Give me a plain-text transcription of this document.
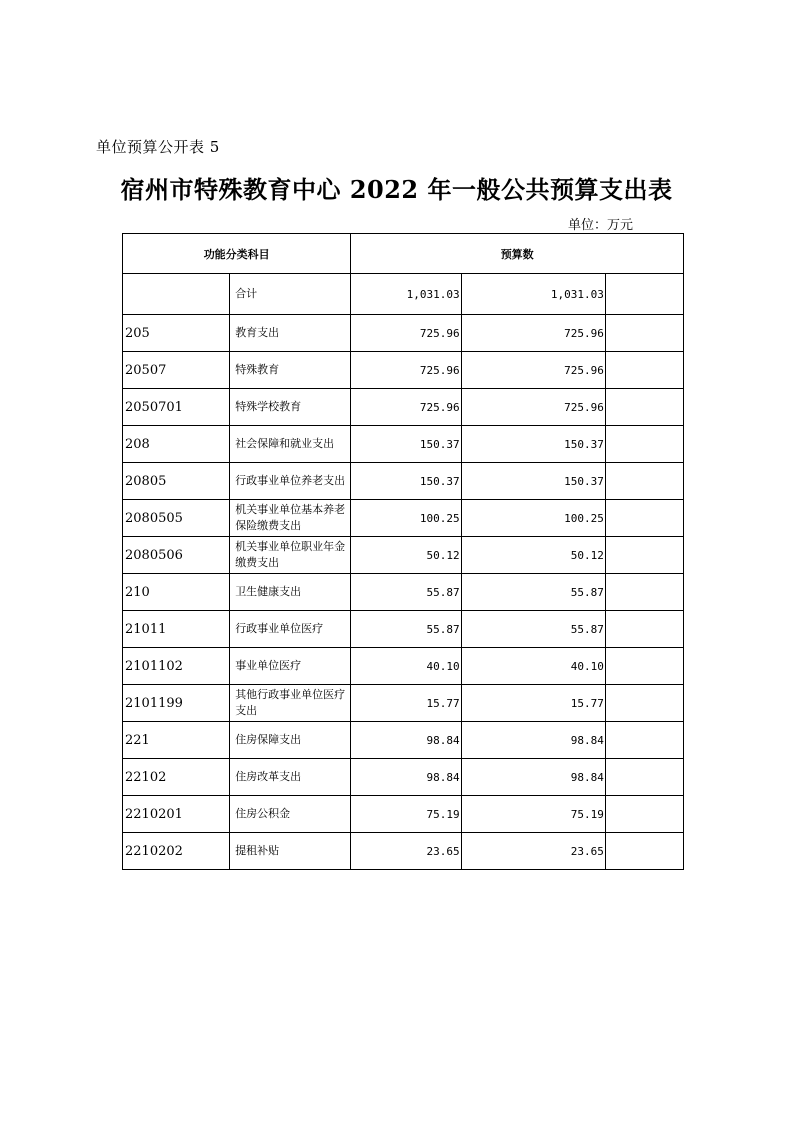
单位预算公开表 5
宿州市特殊教育中心 2022 年一般公共预算支出表
单位：万元
功能分类科目		预算数		
	合计	1,031.03	1,031.03	
205	教育支出	725.96	725.96	
20507	特殊教育	725.96	725.96	
2050701	特殊学校教育	725.96	725.96	
208	社会保障和就业支出	150.37	150.37	
20805	行政事业单位养老支出	150.37	150.37	
2080505	机关事业单位基本养老保险缴费支出	100.25	100.25	
2080506	机关事业单位职业年金缴费支出	50.12	50.12	
210	卫生健康支出	55.87	55.87	
21011	行政事业单位医疗	55.87	55.87	
2101102	事业单位医疗	40.10	40.10	
2101199	其他行政事业单位医疗支出	15.77	15.77	
221	住房保障支出	98.84	98.84	
22102	住房改革支出	98.84	98.84	
2210201	住房公积金	75.19	75.19	
2210202	提租补贴	23.65	23.65	
